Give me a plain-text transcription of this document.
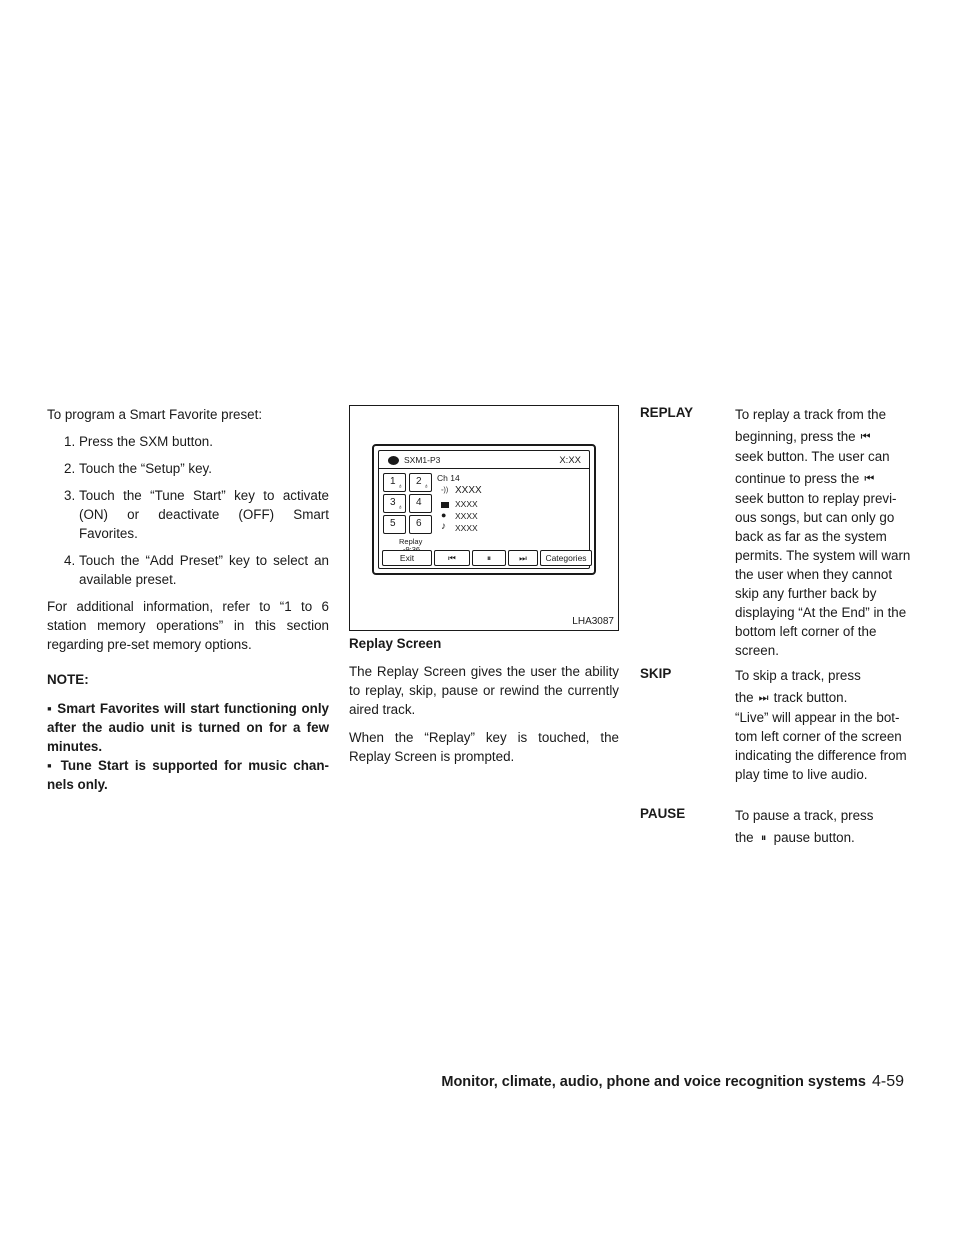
To program a Smart Favorite preset:

1. Press the SXM button.
2. Touch the “Setup” key.
3. Touch the “Tune Start” key to activate (ON) or deactivate (OFF) Smart Favorites.
4. Touch the “Add Preset” key to select an available preset.

For additional information, refer to “1 to 6 station memory operations” in this section regarding pre-set memory options.

NOTE:

▪ Smart Favorites will start functioning only after the audio unit is turned on for a few minutes.

▪ Tune Start is supported for music chan-nels only.

SXM1-P3	X:XX
1 ♁ 2 ♁
3 ♁ 4
5 6
Replay
Ch 14
◦)) XXXX
XXXX
● XXXX
♪ XXXX
Exit	⏮	⏸	⏭	Categories
LHA3087

Replay Screen

The Replay Screen gives the user the ability to replay, skip, pause or rewind the currently aired track.

When the “Replay” key is touched, the Replay Screen is prompted.

REPLAY	To replay a track from the
beginning, press the ⏮
seek button. The user can
continue to press the ⏮
seek button to replay previ-ous songs, but can only go back as far as the system permits. The system will warn the user when they cannot skip any further back by displaying “At the End” in the bottom left corner of the screen.
SKIP	To skip a track, press
the ⏭ track button.
“Live” will appear in the bot-tom left corner of the screen indicating the difference from play time to live audio.
PAUSE	To pause a track, press
the ⏸ pause button.
Monitor, climate, audio, phone and voice recognition systems 4-59
